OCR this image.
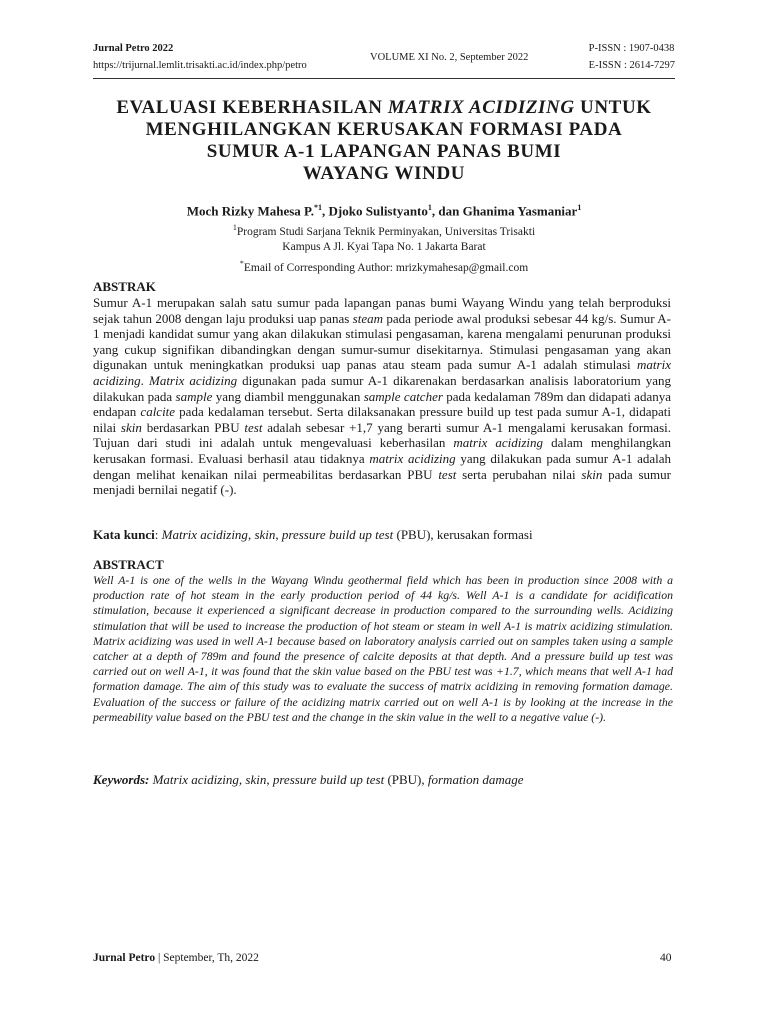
Jurnal Petro 2022
https://trijurnal.lemlit.trisakti.ac.id/index.php/petro
VOLUME XI No. 2, September 2022
P-ISSN : 1907-0438
E-ISSN : 2614-7297
EVALUASI KEBERHASILAN MATRIX ACIDIZING UNTUK
MENGHILANGKAN KERUSAKAN FORMASI PADA
SUMUR A-1 LAPANGAN PANAS BUMI
WAYANG WINDU
Moch Rizky Mahesa P.$^{*1}$, Djoko Sulistyanto$^1$, dan Ghanima Yasmaniar$^1$
$^1$Program Studi Sarjana Teknik Perminyakan, Universitas Trisakti
Kampus A Jl. Kyai Tapa No. 1 Jakarta Barat
*Email of Corresponding Author: mrizkymahesap@gmail.com
ABSTRAK
Sumur A-1 merupakan salah satu sumur pada lapangan panas bumi Wayang Windu yang telah berproduksi sejak tahun 2008 dengan laju produksi uap panas steam pada periode awal produksi sebesar 44 kg/s. Sumur A-1 menjadi kandidat sumur yang akan dilakukan stimulasi pengasaman, karena mengalami penurunan produksi yang cukup signifikan dibandingkan dengan sumur-sumur disekitarnya. Stimulasi pengasaman yang akan digunakan untuk meningkatkan produksi uap panas atau steam pada sumur A-1 adalah stimulasi matrix acidizing. Matrix acidizing digunakan pada sumur A-1 dikarenakan berdasarkan analisis laboratorium yang dilakukan pada sample yang diambil menggunakan sample catcher pada kedalaman 789m dan didapati adanya endapan calcite pada kedalaman tersebut. Serta dilaksanakan pressure build up test pada sumur A-1, didapati nilai skin berdasarkan PBU test adalah sebesar +1,7 yang berarti sumur A-1 mengalami kerusakan formasi. Tujuan dari studi ini adalah untuk mengevaluasi keberhasilan matrix acidizing dalam menghilangkan kerusakan formasi. Evaluasi berhasil atau tidaknya matrix acidizing yang dilakukan pada sumur A-1 adalah dengan melihat kenaikan nilai permeabilitas berdasarkan PBU test serta perubahan nilai skin pada sumur menjadi bernilai negatif (-).
Kata kunci: Matrix acidizing, skin, pressure build up test (PBU), kerusakan formasi
ABSTRACT
Well A-1 is one of the wells in the Wayang Windu geothermal field which has been in production since 2008 with a production rate of hot steam in the early production period of 44 kg/s. Well A-1 is a candidate for acidification stimulation, because it experienced a significant decrease in production compared to the surrounding wells. Acidizing stimulation that will be used to increase the production of hot steam or steam in well A-1 is matrix acidizing stimulation. Matrix acidizing was used in well A-1 because based on laboratory analysis carried out on samples taken using a sample catcher at a depth of 789m and found the presence of calcite deposits at that depth. And a pressure build up test was carried out on well A-1, it was found that the skin value based on the PBU test was +1.7, which means that well A-1 had formation damage. The aim of this study was to evaluate the success of matrix acidizing in removing formation damage. Evaluation of the success or failure of the acidizing matrix carried out on well A-1 is by looking at the increase in the permeability value based on the PBU test and the change in the skin value in the well to a negative value (-).
Keywords: Matrix acidizing, skin, pressure build up test (PBU), formation damage
Jurnal Petro | September, Th, 2022	40
